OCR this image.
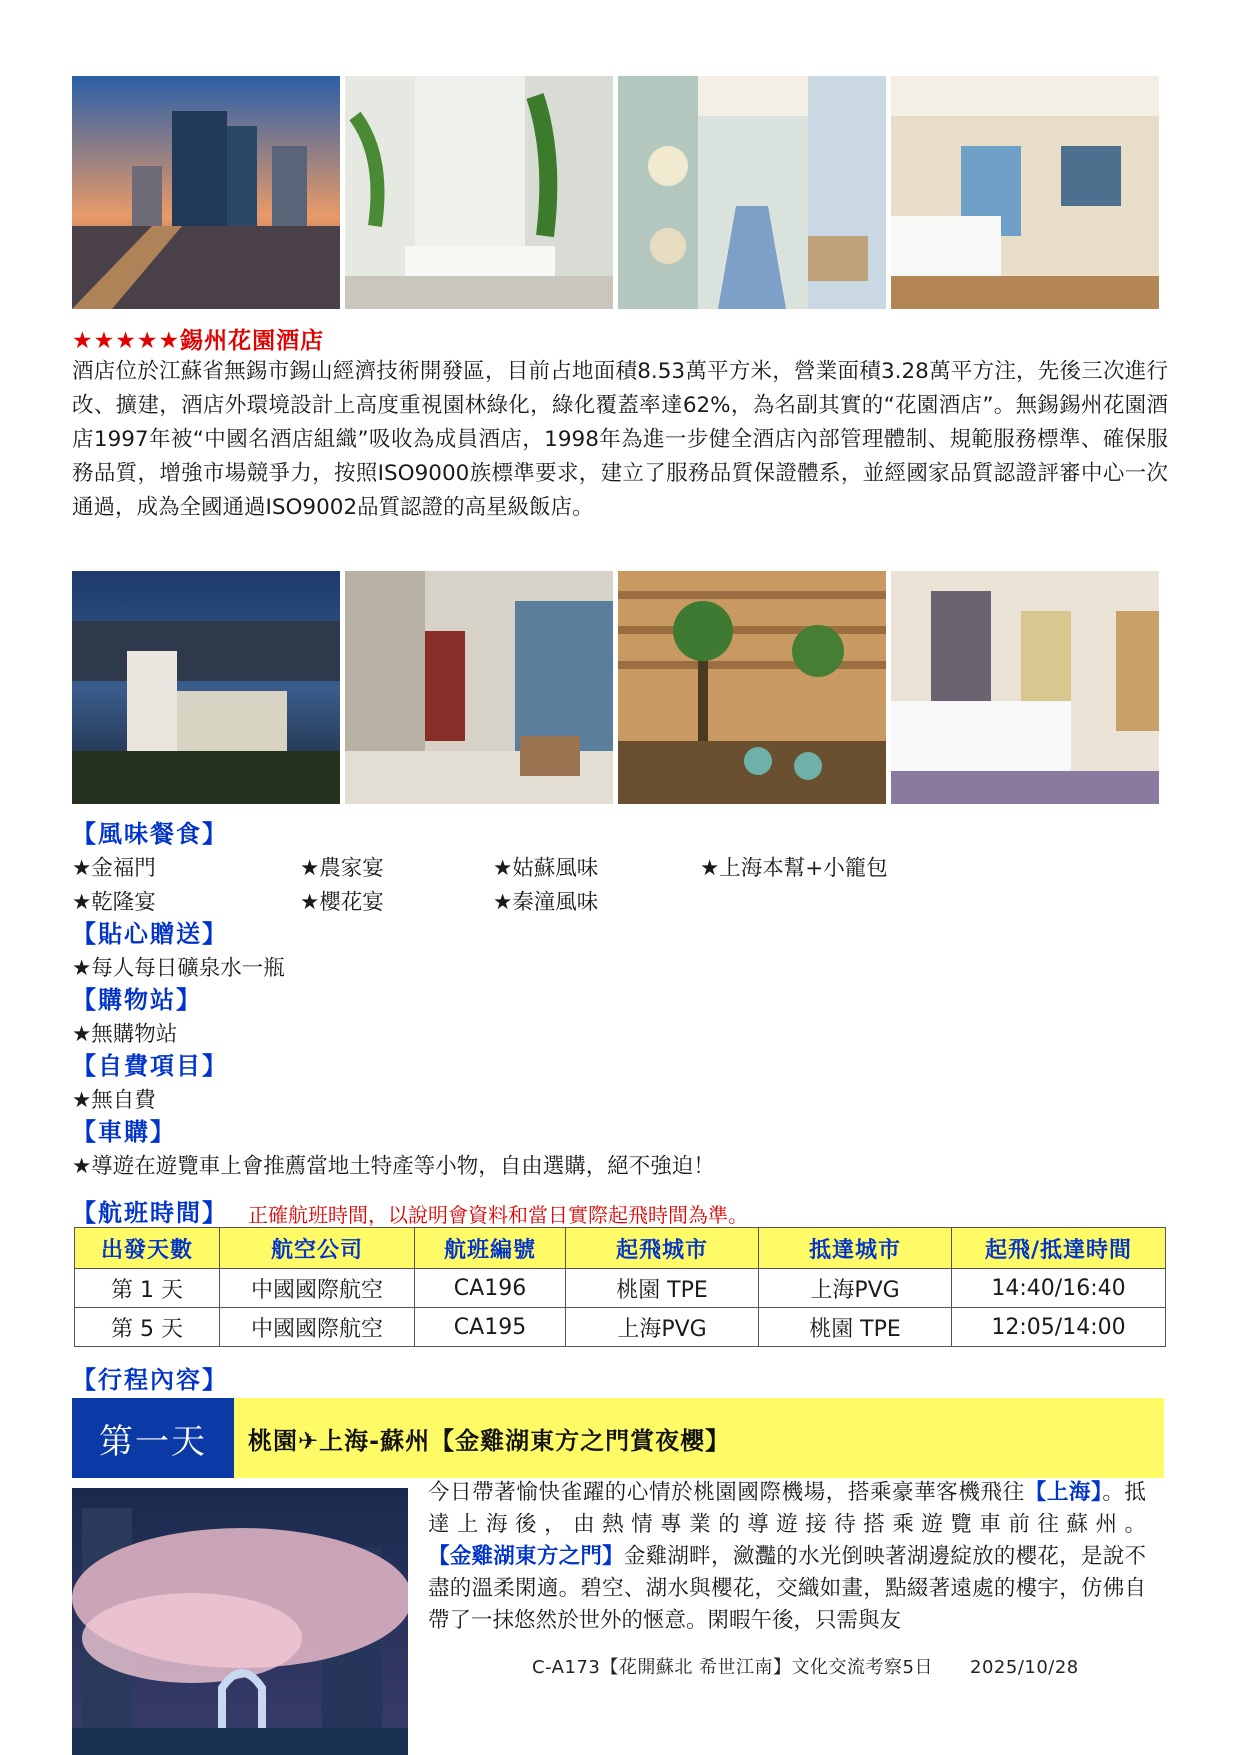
★★★★★錫州花園酒店
酒店位於江蘇省無錫市錫山經濟技術開發區，目前占地面積8.53萬平方米，營業面積3.28萬平方注，先後三次進行改、擴建，酒店外環境設計上高度重視園林綠化，綠化覆蓋率達62%，為名副其實的“花園酒店”。無錫錫州花園酒店1997年被“中國名酒店組織”吸收為成員酒店，1998年為進一步健全酒店內部管理體制、規範服務標準、確保服務品質，增強市場競爭力，按照ISO9000族標準要求，建立了服務品質保證體系，並經國家品質認證評審中心一次通過，成為全國通過ISO9002品質認證的高星級飯店。
【風味餐食】
★金福門	★農家宴	★姑蘇風味	★上海本幫+小籠包
★乾隆宴	★櫻花宴	★秦潼風味
【貼心贈送】
★每人每日礦泉水一瓶
【購物站】
★無購物站
【自費項目】
★無自費
【車購】
★導遊在遊覽車上會推薦當地土特產等小物，自由選購，絕不強迫！
【航班時間】 正確航班時間，以說明會資料和當日實際起飛時間為準。
出發天數	航空公司	航班編號	起飛城市	抵達城市	起飛/抵達時間
第 1 天	中國國際航空	CA196	桃園 TPE	上海PVG	14:40/16:40
第 5 天	中國國際航空	CA195	上海PVG	桃園 TPE	12:05/14:00
【行程內容】
第一天	桃園✈上海-蘇州【金雞湖東方之門賞夜櫻】
今日帶著愉快雀躍的心情於桃園國際機場，搭乘豪華客機飛往【上海】。抵達上海後，由熱情專業的導遊接待搭乘遊覽車前往蘇州。【金雞湖東方之門】金雞湖畔，瀲灩的水光倒映著湖邊綻放的櫻花，是說不盡的溫柔閑適。碧空、湖水與櫻花，交織如畫，點綴著遠處的樓宇，仿佛自帶了一抹悠然於世外的愜意。閑暇午後，只需與友
C-A173【花開蘇北 希世江南】文化交流考察5日　　2025/10/28
